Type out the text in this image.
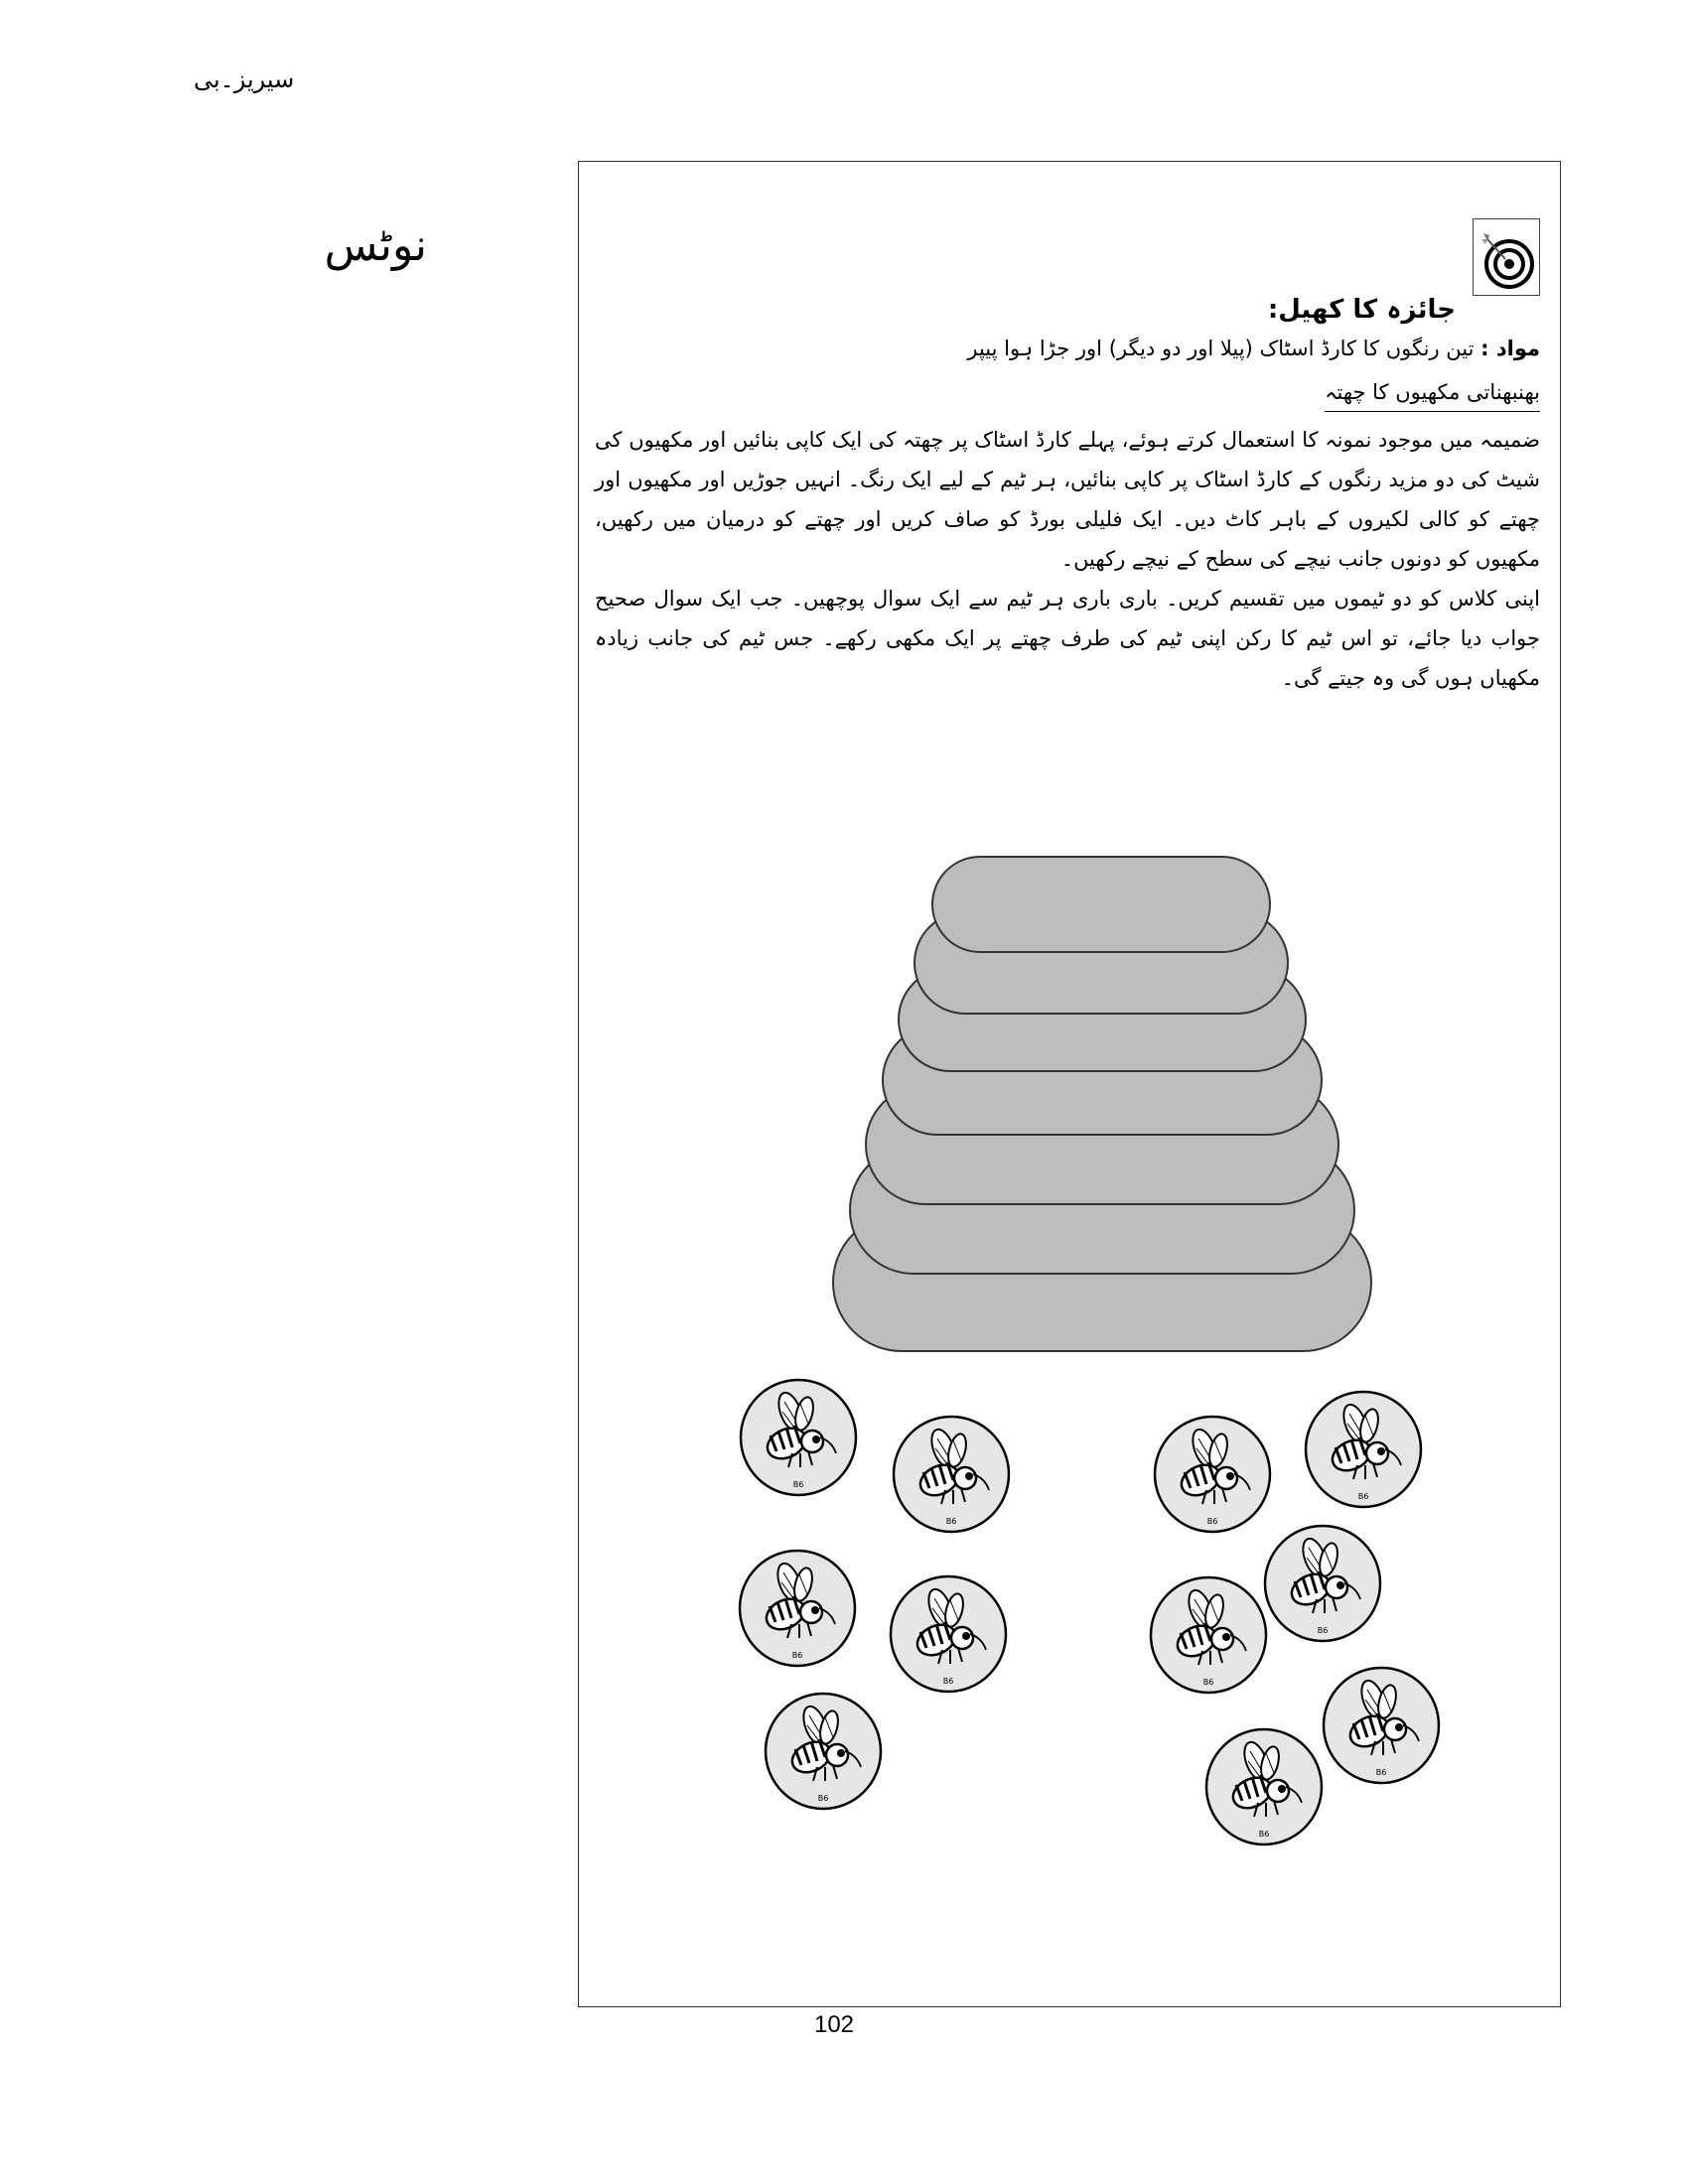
سیریز۔بی
نوٹس
جائزہ کا کھیل:
مواد : تین رنگوں کا کارڈ اسٹاک (پیلا اور دو دیگر) اور جڑا ہوا پیپر
بھنبھناتی مکھیوں کا چھتہ
ضمیمہ میں موجود نمونہ کا استعمال کرتے ہوئے، پہلے کارڈ اسٹاک پر چھتہ کی ایک کاپی بنائیں اور مکھیوں کی شیٹ کی دو مزید رنگوں کے کارڈ اسٹاک پر کاپی بنائیں، ہر ٹیم کے لیے ایک رنگ۔ انہیں جوڑیں اور مکھیوں اور چھتے کو کالی لکیروں کے باہر کاٹ دیں۔ ایک فلیلی بورڈ کو صاف کریں اور چھتے کو درمیان میں رکھیں، مکھیوں کو دونوں جانب نیچے کی سطح کے نیچے رکھیں۔
اپنی کلاس کو دو ٹیموں میں تقسیم کریں۔ باری باری ہر ٹیم سے ایک سوال پوچھیں۔ جب ایک سوال صحیح جواب دیا جائے، تو اس ٹیم کا رکن اپنی ٹیم کی طرف چھتے پر ایک مکھی رکھے۔ جس ٹیم کی جانب زیادہ مکھیاں ہوں گی وہ جیتے گی۔
B6
B6
B6
B6
B6
B6
B6
B6
B6
B6
B6
102
